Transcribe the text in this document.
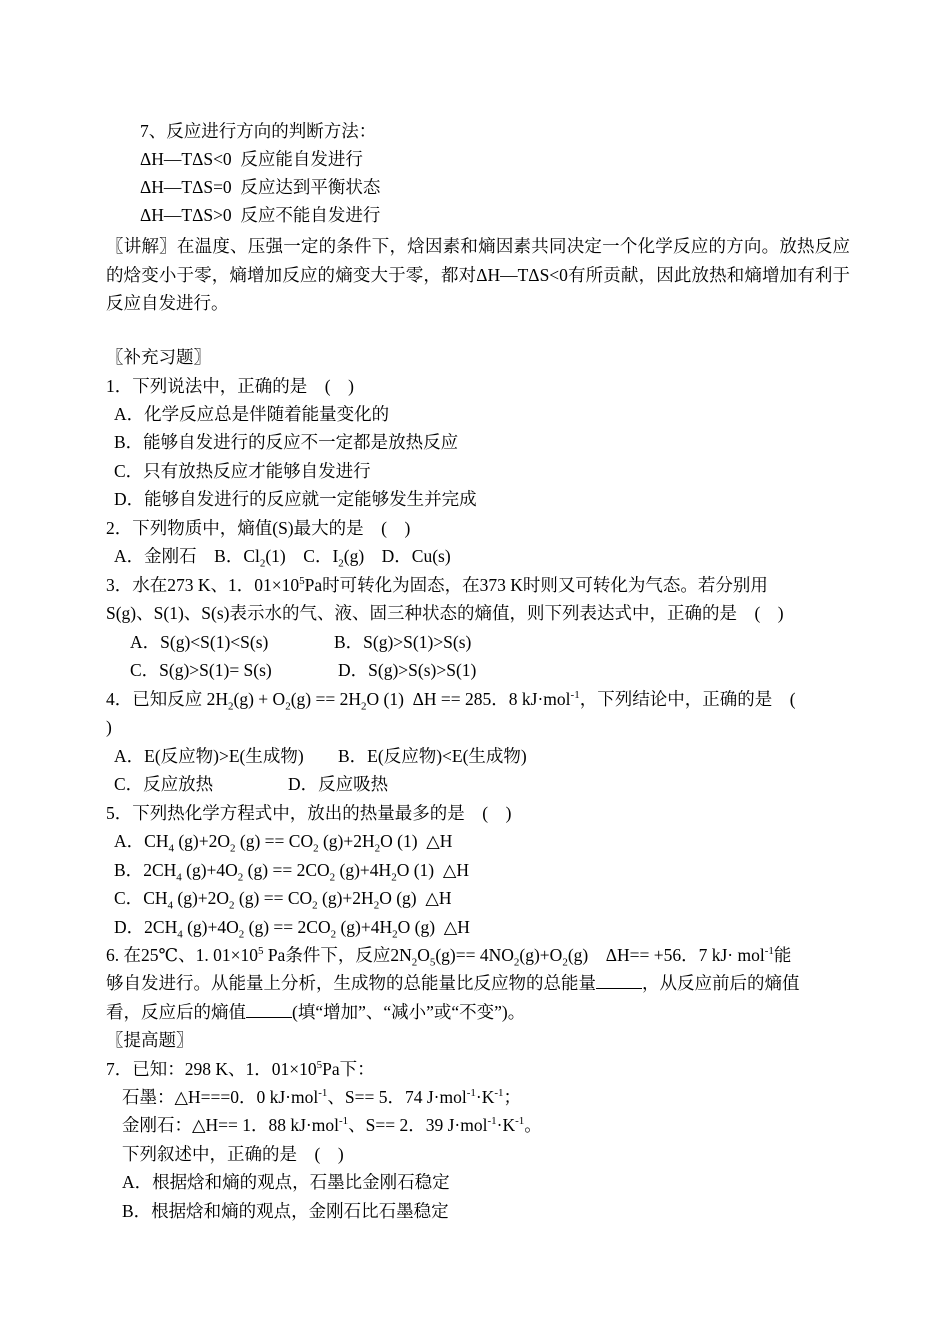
7、反应进行方向的判断方法：
ΔH—TΔS<0  反应能自发进行
ΔH—TΔS=0  反应达到平衡状态
ΔH—TΔS>0  反应不能自发进行
〖讲解〗在温度、压强一定的条件下，焓因素和熵因素共同决定一个化学反应的方向。放热反应的焓变小于零，熵增加反应的熵变大于零，都对ΔH—TΔS<0有所贡献，因此放热和熵增加有利于反应自发进行。
〖补充习题〗
1．下列说法中，正确的是　(　)
A．化学反应总是伴随着能量变化的
B．能够自发进行的反应不一定都是放热反应
C．只有放热反应才能够自发进行
D．能够自发进行的反应就一定能够发生并完成
2．下列物质中，熵值(S)最大的是　(　)
A．金刚石　 B．$Cl_2(1)$　 C．$I_2(g)$　 D．Cu(s)
3．水在273 K、1．$01\times 10^5Pa$时可转化为固态，在373 K时则又可转化为气态。若分别用
S(g)、S(1)、S(s)表示水的气、液、固三种状态的熵值，则下列表达式中，正确的是　(　)
A．S(g)<S(1)<S(s)	B．S(g)>S(1)>S(s)
C．S(g)>S(1)= S(s)	D．S(g)>S(s)>S(1)
4．已知反应 $2H_2(g) + O_2(g) == 2H_2O$ (1)  ΔH == 285．8 kJ·mol$^{-1}$，下列结论中，正确的是　(
)
A．E(反应物)>E(生成物) B．E(反应物)<E(生成物)
C．反应放热	D．反应吸热
5．下列热化学方程式中，放出的热量最多的是　(　)
A．$CH_4$ $(g)+2O_2$ $(g) == CO_2$ $(g)+2H_2O$ (1)  △H
B．$2CH_4$ $(g)+4O_2$ $(g) == 2CO_2$ $(g)+4H_2O$ (1)  △H
C．$CH_4$ $(g)+2O_2$ $(g) == CO_2$ $(g)+2H_2O$ (g)  △H
D．$2CH_4$ $(g)+4O_2$ $(g) == 2CO_2$ $(g)+4H_2O$ (g)  △H
6. 在25℃、1. $01\times 10^5$ Pa条件下，反应$2N_2O_5(g)== 4NO_2(g)+O_2(g)$　ΔH== +56．7 kJ· mol$^{-1}$能
够自发进行。从能量上分析，生成物的总能量比反应物的总能量	，从反应前后的熵值
看，反应后的熵值	(填“增加”、“减小”或“不变”)。
〖提高题〗
7．已知：298 K、1．$01\times 10^5Pa$下：
石墨：△H===0．0 kJ·mol$^{-1}$、S== 5．74 $J\cdot mol^{-1}\cdot K^{-1}$；
金刚石：△H== 1．88 kJ·mol$^{-1}$、S== 2．39 $J\cdot mol^{-1}\cdot K^{-1}$。
下列叙述中，正确的是　(　)
A．根据焓和熵的观点，石墨比金刚石稳定
B．根据焓和熵的观点，金刚石比石墨稳定
